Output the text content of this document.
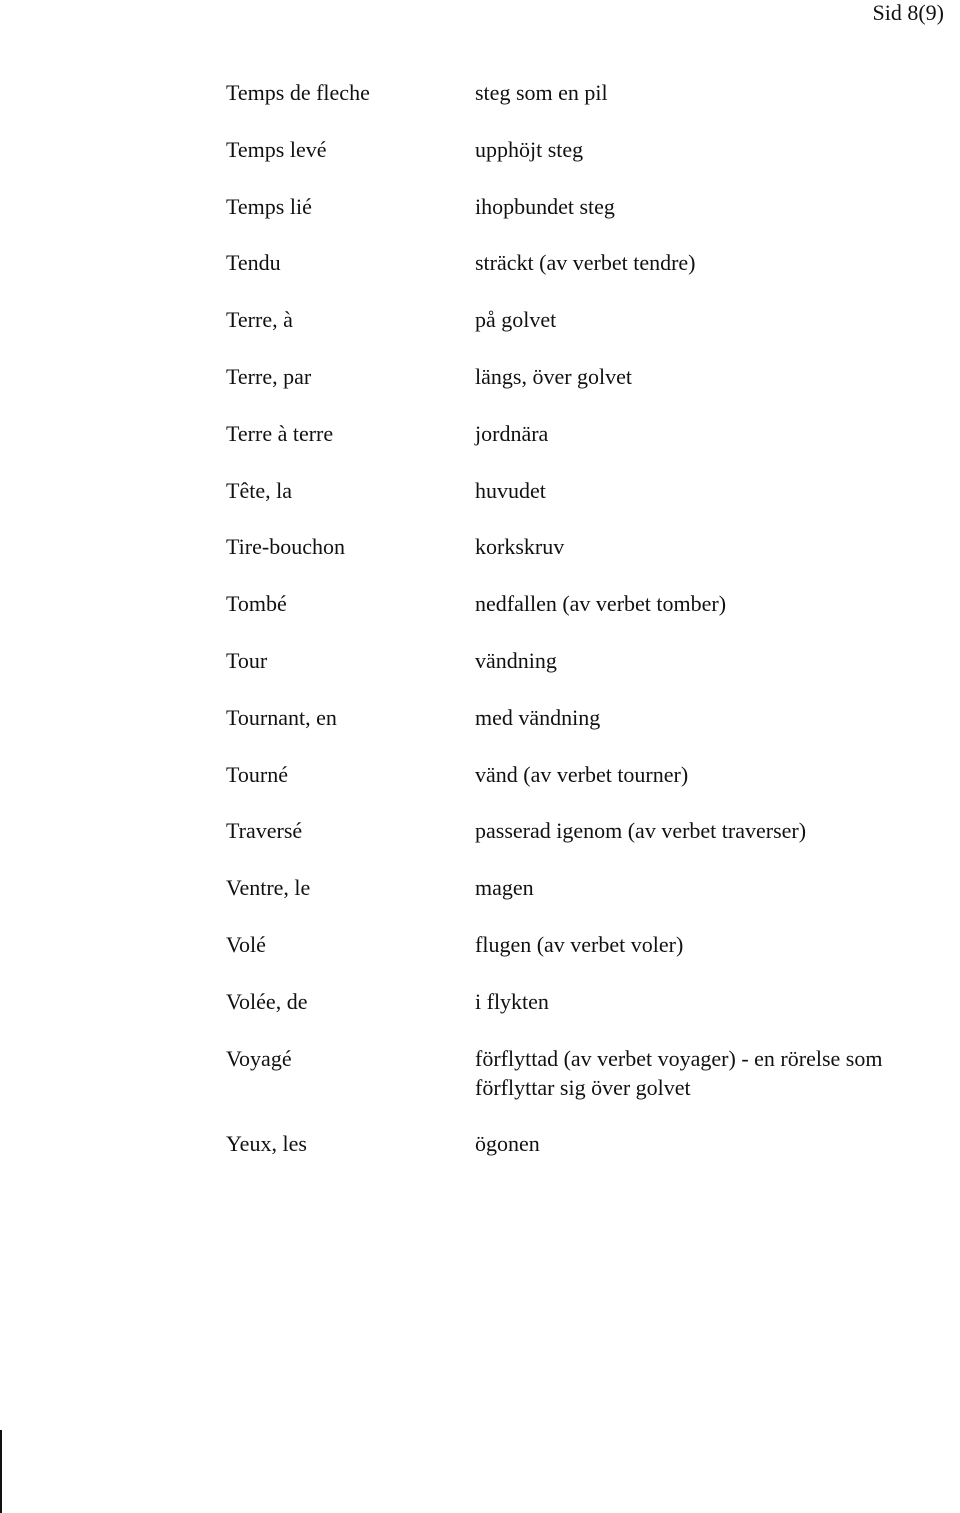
Sid 8(9)
Temps de fleche	steg som en pil
Temps levé	upphöjt steg
Temps lié	ihopbundet steg
Tendu	sträckt (av verbet tendre)
Terre, à	på golvet
Terre, par	längs, över golvet
Terre à terre	jordnära
Tête, la	huvudet
Tire-bouchon	korkskruv
Tombé	nedfallen (av verbet tomber)
Tour	vändning
Tournant, en	med vändning
Tourné	vänd (av verbet tourner)
Traversé	passerad igenom (av verbet traverser)
Ventre, le	magen
Volé	flugen (av verbet voler)
Volée, de	i flykten
Voyagé	förflyttad (av verbet voyager) - en rörelse som förflyttar sig över golvet
Yeux, les	ögonen
